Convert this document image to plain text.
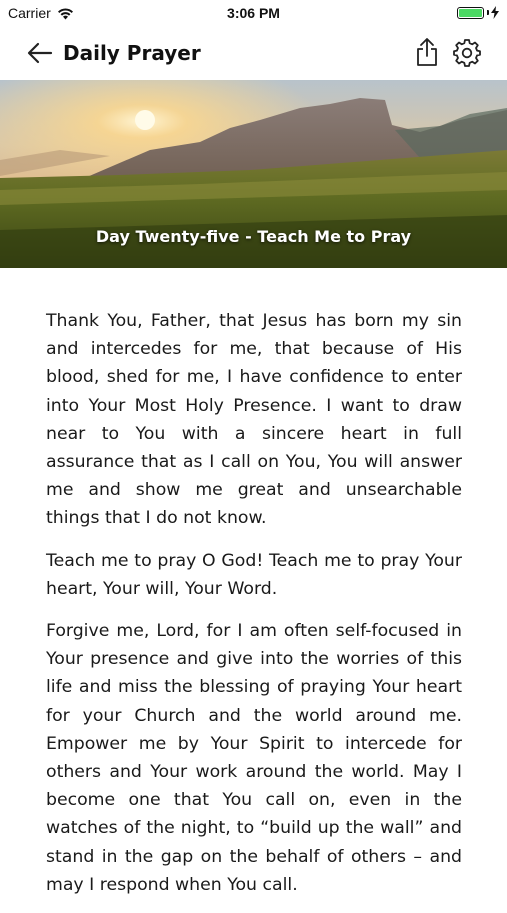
Carrier	3:06 PM
Daily Prayer
Day Twenty-five - Teach Me to Pray

Thank You, Father, that Jesus has born my sin and intercedes for me, that because of His blood, shed for me, I have confidence to enter into Your Most Holy Presence. I want to draw near to You with a sincere heart in full assurance that as I call on You, You will answer me and show me great and unsearchable things that I do not know.

Teach me to pray O God! Teach me to pray Your heart, Your will, Your Word.

Forgive me, Lord, for I am often self-focused in Your presence and give into the worries of this life and miss the blessing of praying Your heart for your Church and the world around me. Empower me by Your Spirit to intercede for others and Your work around the world. May I become one that You call on, even in the watches of the night, to “build up the wall” and stand in the gap on the behalf of others – and may I respond when You call.
